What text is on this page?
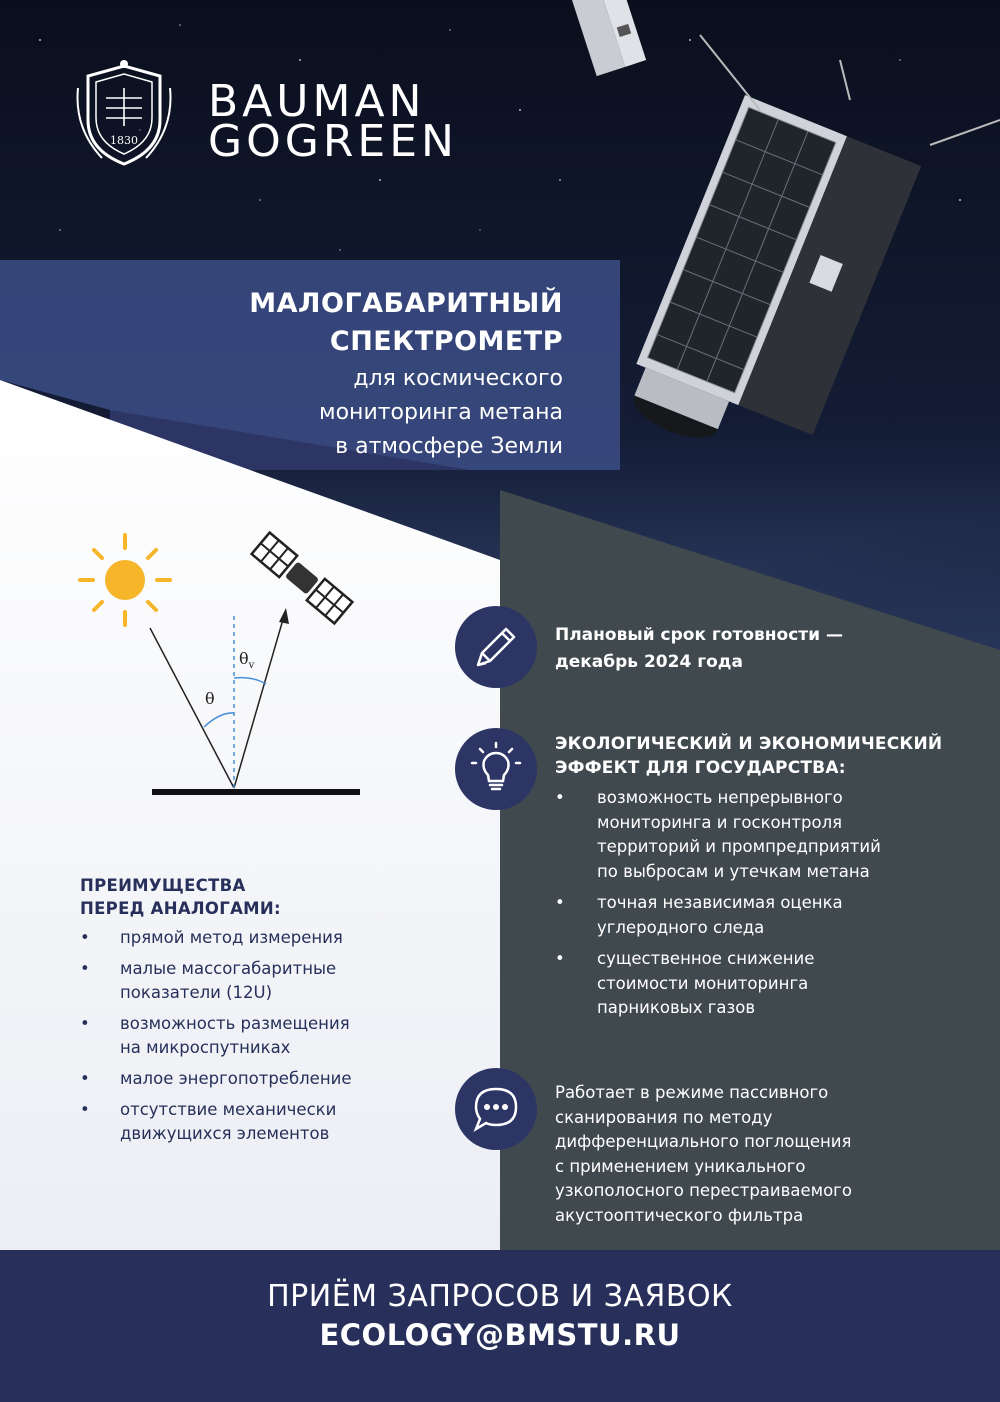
1830
BAUMAN
GOGREEN
МАЛОГАБАРИТНЫЙ
СПЕКТРОМЕТР
для космического
мониторинга метана
в атмосфере Земли
θ
$\theta_v$
ПРЕИМУЩЕСТВА
ПЕРЕД АНАЛОГАМИ:
• прямой метод измерения
• малые массогабаритные
показатели (12U)
• возможность размещения
на микроспутниках
• малое энергопотребление
• отсутствие механически
движущихся элементов
Плановый срок готовности —
декабрь 2024 года
ЭКОЛОГИЧЕСКИЙ И ЭКОНОМИЧЕСКИЙ
ЭФФЕКТ ДЛЯ ГОСУДАРСТВА:
• возможность непрерывного
мониторинга и госконтроля
территорий и промпредприятий
по выбросам и утечкам метана
• точная независимая оценка
углеродного следа
• существенное снижение
стоимости мониторинга
парниковых газов
Работает в режиме пассивного
сканирования по методу
дифференциального поглощения
с применением уникального
узкополосного перестраиваемого
акустооптического фильтра
ПРИЁМ ЗАПРОСОВ И ЗАЯВОК
ECOLOGY@BMSTU.RU
